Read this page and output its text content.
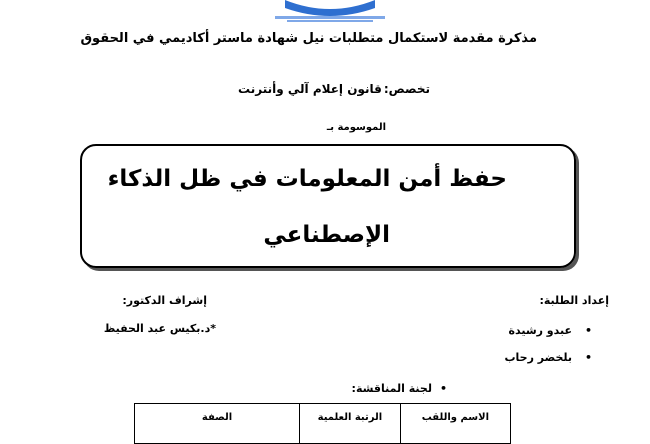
مذكرة مقدمة لاستكمال متطلبات نيل شهادة ماستر أكاديمي في الحقوق
تخصص:قانون إعلام آلي وأنترنت
الموسومة بـ
حفظ أمن المعلومات في ظل الذكاء
الإصطناعي
إعداد الطلبة:
إشراف الدكتور:
*د.بكيس عبد الحفيظ	•
عبدو رشيدة
•
بلخضر رحاب
•لجنة المناقشة:
الاسم واللقب	الرتبة العلمية	الصفة
